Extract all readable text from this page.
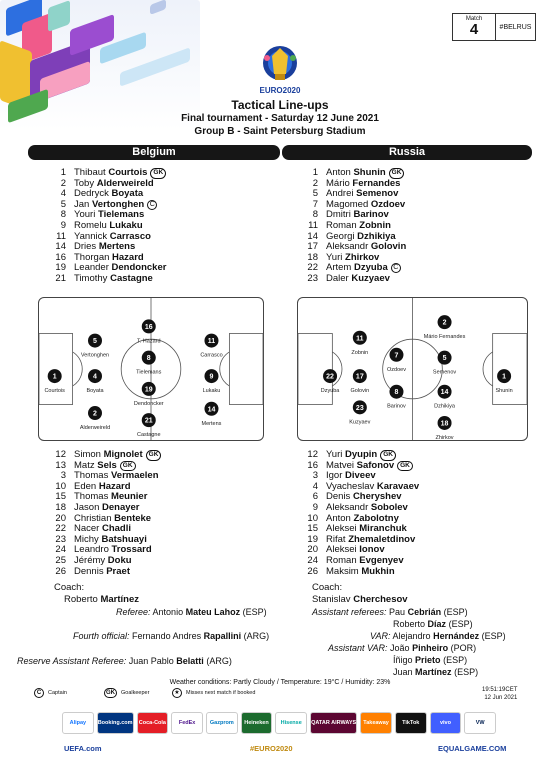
EURO2020
Match
4	#BELRUS
Tactical Line-ups
Final tournament - Saturday 12 June 2021
Group B - Saint Petersburg Stadium
Belgium	Russia
1 Thibaut Courtois GK
2 Toby Alderweireld
4 Dedryck Boyata
5 Jan Vertonghen C
8 Youri Tielemans
9 Romelu Lukaku
11 Yannick Carrasco
14 Dries Mertens
16 Thorgan Hazard
19 Leander Dendoncker
21 Timothy Castagne
1 Anton Shunin GK
2 Mário Fernandes
5 Andrei Semenov
7 Magomed Ozdoev
8 Dmitri Barinov
11 Roman Zobnin
14 Georgi Dzhikiya
17 Aleksandr Golovin
18 Yuri Zhirkov
22 Artem Dzyuba C
23 Daler Kuzyaev
1
Courtois
5
Vertonghen
4
Boyata
2
Alderweireld
16
T. Hazard
8
Tielemans
19
Dendoncker
21
Castagne
11
Carrasco
9
Lukaku
14
Mertens
2
Mário Fernandes
11
Zobnin	7
Ozdoev
5
Semenov
22
Dzyuba
17
Golovin
1
Shunin
8
Barinov
14
Dzhikiya
23
Kuzyaev	18
Zhirkov
12 Simon Mignolet GK
13 Matz Sels GK
3 Thomas Vermaelen
10 Eden Hazard
15 Thomas Meunier
18 Jason Denayer
20 Christian Benteke
22 Nacer Chadli
23 Michy Batshuayi
24 Leandro Trossard
25 Jérémy Doku
26 Dennis Praet
12 Yuri Dyupin GK
16 Matvei Safonov GK
3 Igor Diveev
4 Vyacheslav Karavaev
6 Denis Cheryshev
9 Aleksandr Sobolev
10 Anton Zabolotny
15 Aleksei Miranchuk
19 Rifat Zhemaletdinov
20 Aleksei Ionov
24 Roman Evgenyev
26 Maksim Mukhin
Coach:
Roberto Martínez
Coach:
Stanislav Cherchesov
Referee: Antonio Mateu Lahoz (ESP)
Fourth official: Fernando Andres Rapallini (ARG)
Reserve Assistant Referee: Juan Pablo Belatti (ARG)
Assistant referees: Pau Cebrián (ESP)
Roberto Díaz (ESP)
VAR: Alejandro Hernández (ESP)
Assistant VAR: João Pinheiro (POR)
Íñigo Prieto (ESP)
Juan Martínez (ESP)
Weather conditions: Partly Cloudy / Temperature: 19°C / Humidity: 23%
C	Captain	GK	Goalkeeper	★	Misses next match if booked	19:51:19CET
12 Jun 2021
Alipay	Booking.com	Coca-Cola	FedEx	Gazprom	Heineken	Hisense	QATAR AIRWAYS	Takeaway	TikTok	vivo	VW
UEFA.com	#EURO2020	EQUALGAME.COM
